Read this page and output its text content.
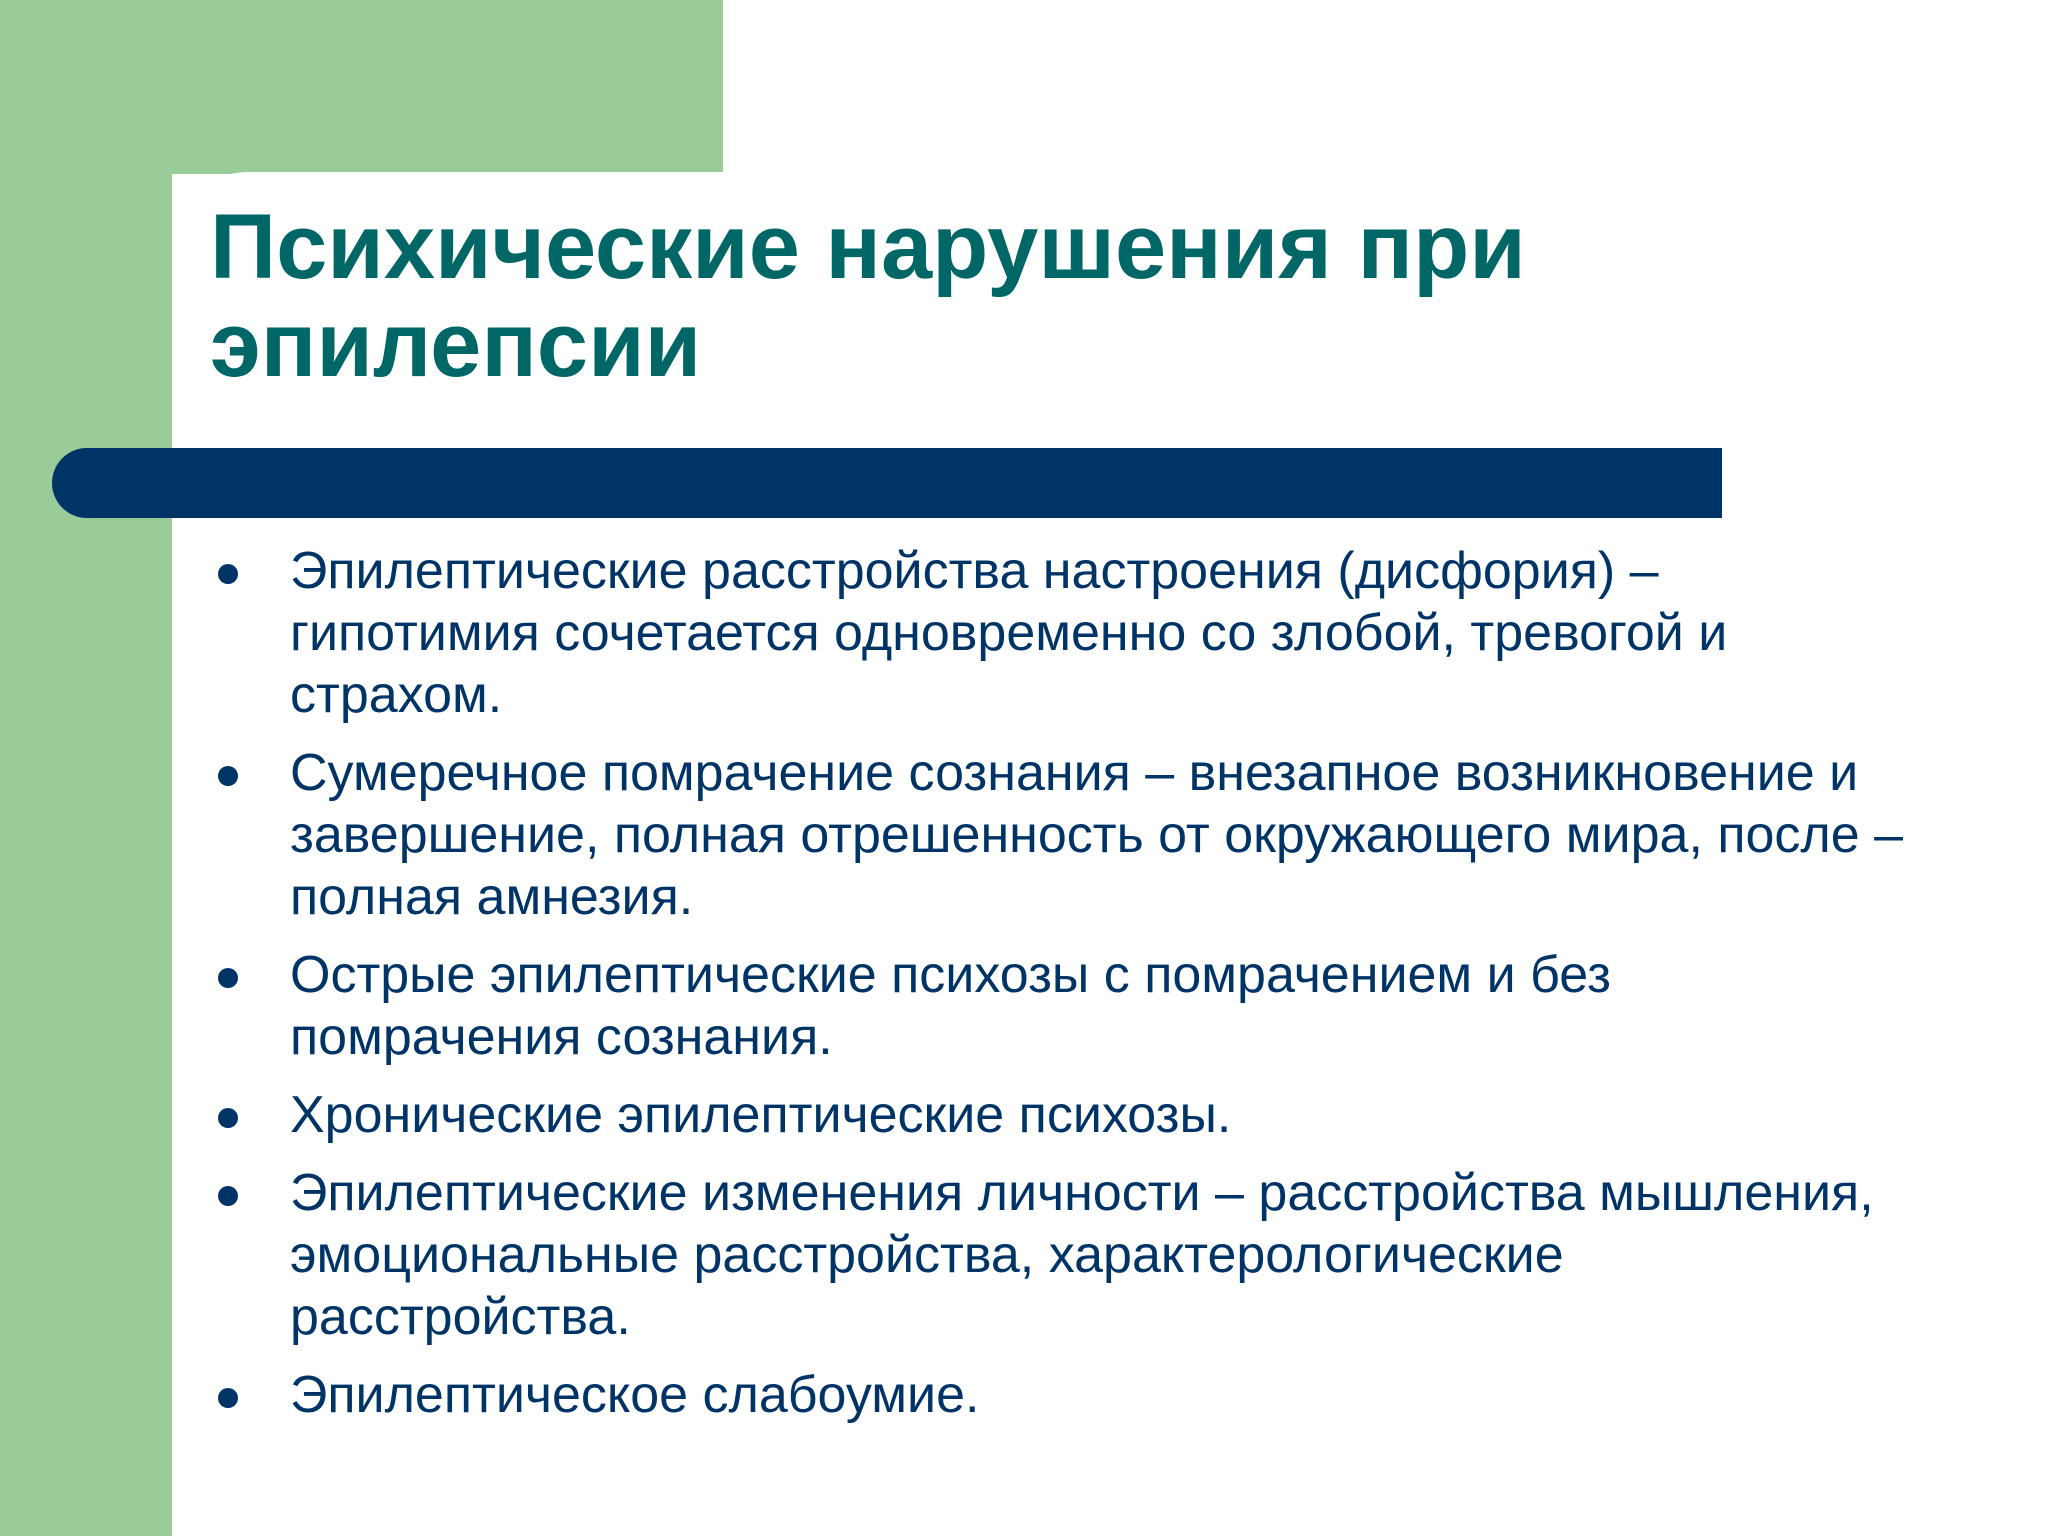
Психические нарушения при эпилепсии
Эпилептические расстройства настроения (дисфория) – гипотимия сочетается одновременно со злобой, тревогой и страхом.
Сумеречное помрачение сознания – внезапное возникновение и завершение, полная отрешенность от окружающего мира, после – полная амнезия.
Острые эпилептические психозы с помрачением и без помрачения сознания.
Хронические эпилептические психозы.
Эпилептические изменения личности – расстройства мышления, эмоциональные расстройства, характерологические расстройства.
Эпилептическое слабоумие.
